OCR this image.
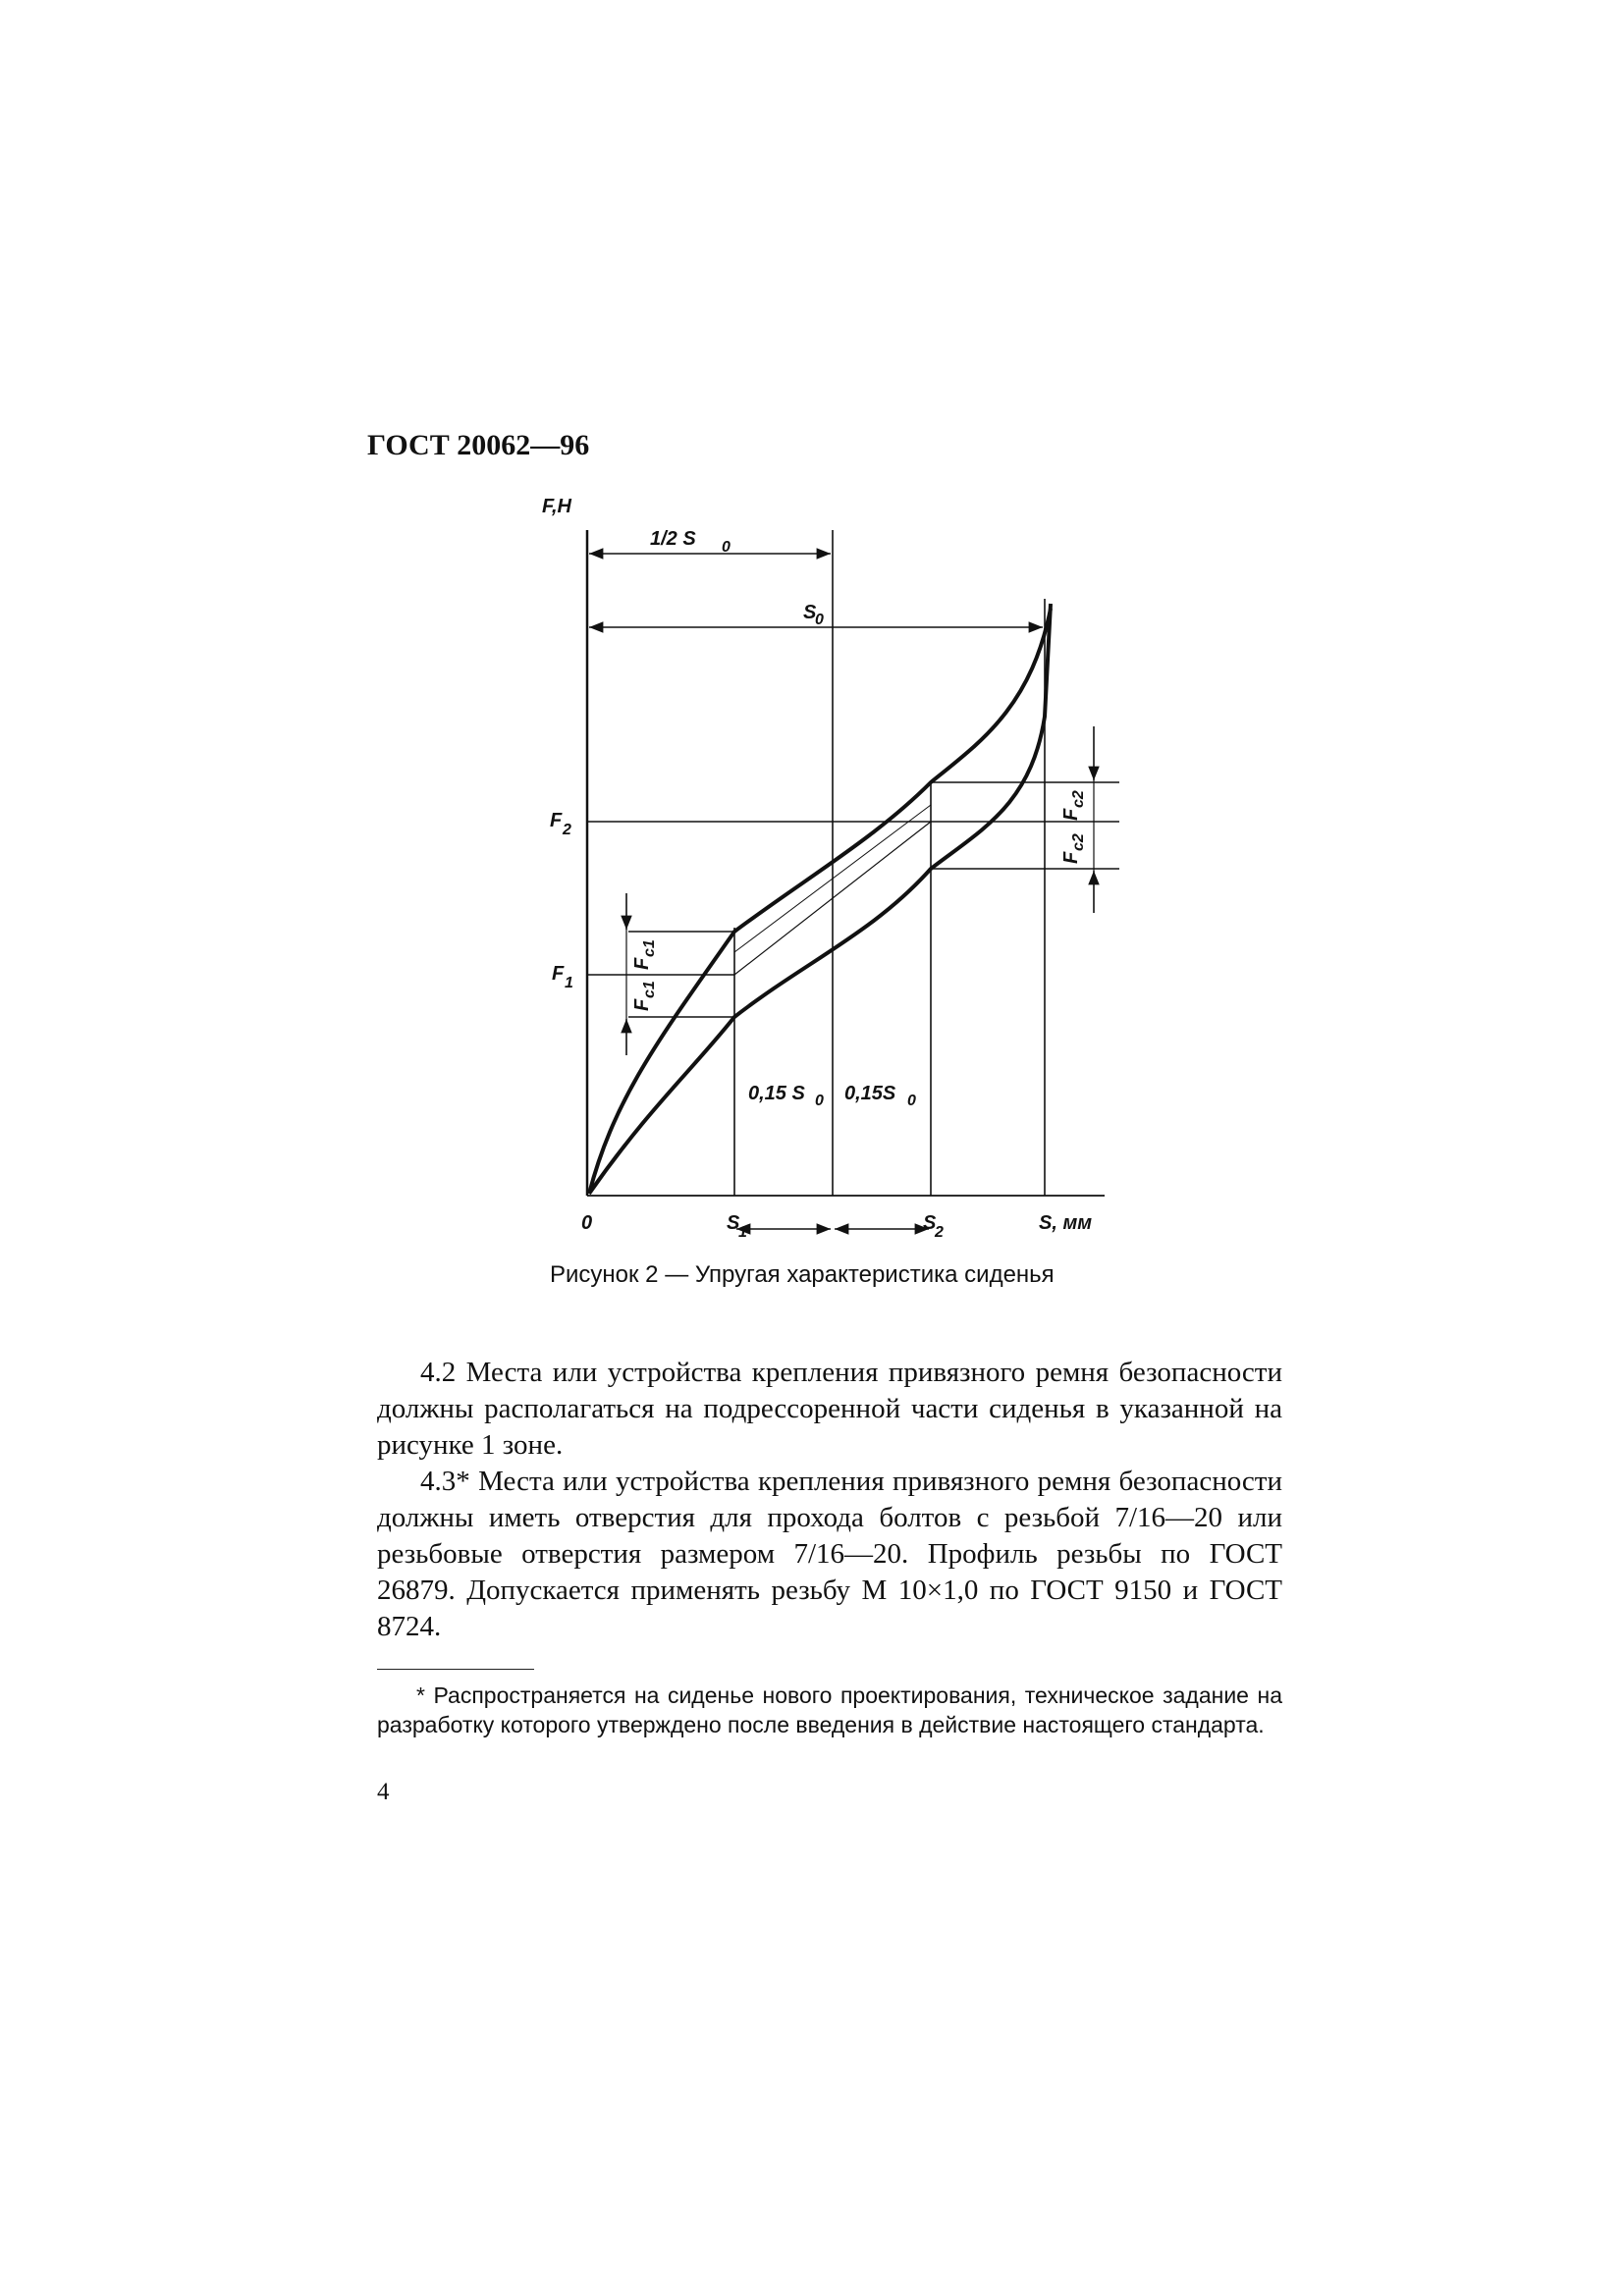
ГОСТ 20062—96
F,H
1/2 S 0
S
0
F 2
F 1
F
c1
F
c1
F
c2
F
c2
0,15 S 0 0,15S 0
0	S
1	S
2	S, мм
Рисунок 2 — Упругая характеристика сиденья

4.2 Места или устройства крепления привязного ремня безопасности должны располагаться на подрессоренной части сиденья в указанной на рисунке 1 зоне.

4.3* Места или устройства крепления привязного ремня безопасности должны иметь отверстия для прохода болтов с резьбой 7/16—20 или резьбовые отверстия размером 7/16—20. Профиль резьбы по ГОСТ 26879. Допускается применять резьбу М 10×1,0 по ГОСТ 9150 и ГОСТ 8724.

* Распространяется на сиденье нового проектирования, техническое задание на разработку которого утверждено после введения в действие настоящего стандарта.
4
